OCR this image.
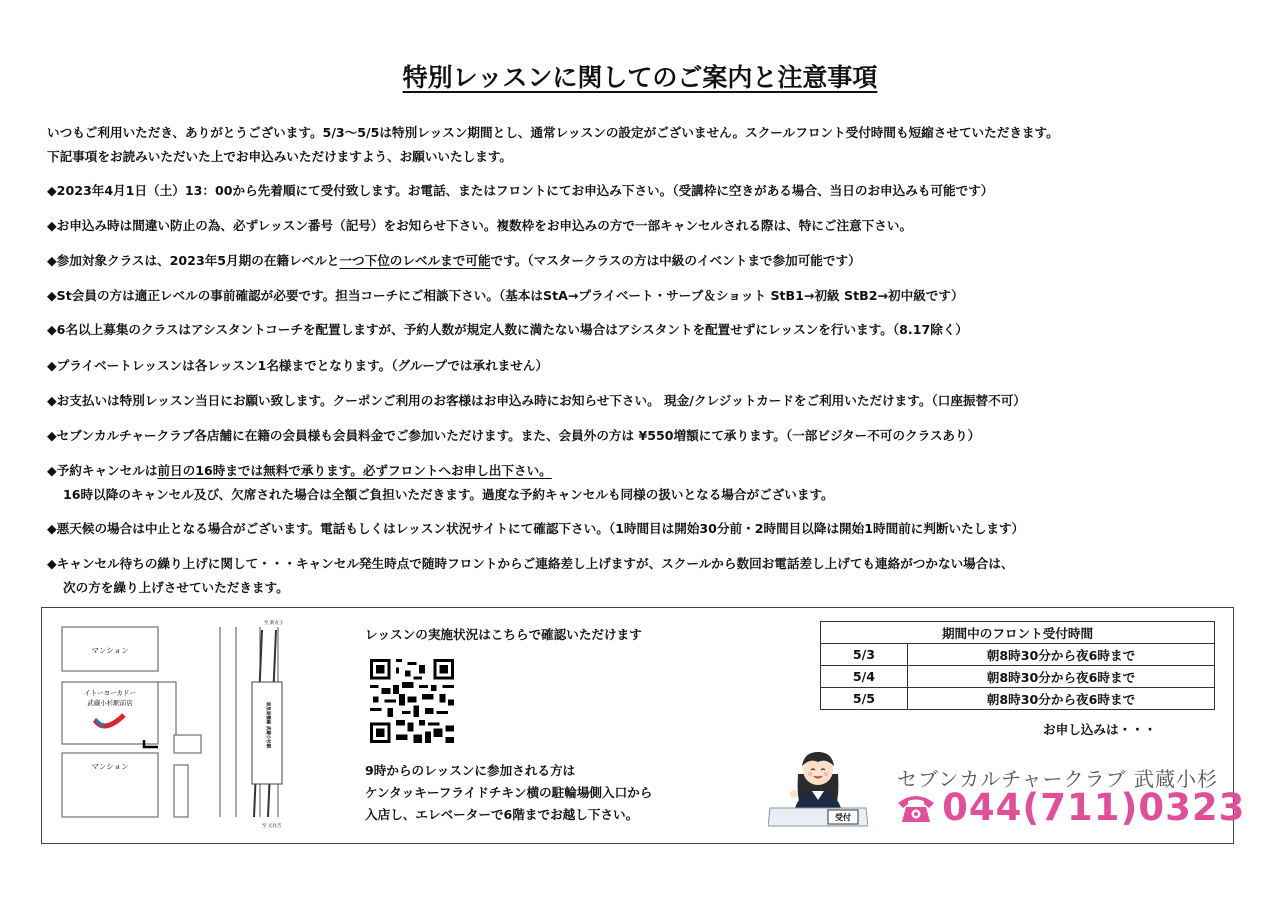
特別レッスンに関してのご案内と注意事項
いつもご利用いただき、ありがとうございます。5/3～5/5は特別レッスン期間とし、通常レッスンの設定がございません。スクールフロント受付時間も短縮させていただきます。
下記事項をお読みいただいた上でお申込みいただけますよう、お願いいたします。
◆2023年4月1日（土）13：00から先着順にて受付致します。お電話、またはフロントにてお申込み下さい。（受講枠に空きがある場合、当日のお申込みも可能です）
◆お申込み時は間違い防止の為、必ずレッスン番号（記号）をお知らせ下さい。複数枠をお申込みの方で一部キャンセルされる際は、特にご注意下さい。
◆参加対象クラスは、2023年5月期の在籍レベルと一つ下位のレベルまで可能です。（マスタークラスの方は中級のイベントまで参加可能です）
◆St会員の方は適正レベルの事前確認が必要です。担当コーチにご相談下さい。（基本はStA→プライベート・サーブ＆ショット StB1→初級 StB2→初中級です）
◆6名以上募集のクラスはアシスタントコーチを配置しますが、予約人数が規定人数に満たない場合はアシスタントを配置せずにレッスンを行います。（8.17除く）
◆プライベートレッスンは各レッスン1名様までとなります。（グループでは承れません）
◆お支払いは特別レッスン当日にお願い致します。クーポンご利用のお客様はお申込み時にお知らせ下さい。 現金/クレジットカードをご利用いただけます。（口座振替不可）
◆セブンカルチャークラブ各店舗に在籍の会員様も会員料金でご参加いただけます。また、会員外の方は ¥550増額にて承ります。（一部ビジター不可のクラスあり）
◆予約キャンセルは前日の16時までは無料で承ります。必ずフロントへお申し出下さい。
16時以降のキャンセル及び、欠席された場合は全額ご負担いただきます。過度な予約キャンセルも同様の扱いとなる場合がございます。
◆悪天候の場合は中止となる場合がございます。電話もしくはレッスン状況サイトにて確認下さい。（1時間目は開始30分前・2時間目以降は開始1時間前に判断いたします）
◆キャンセル待ちの繰り上げに関して・・・キャンセル発生時点で随時フロントからご連絡差し上げますが、スクールから数回お電話差し上げても連絡がつかない場合は、
次の方を繰り上げさせていただきます。
マンション
イトーヨーカドー
武蔵小杉駅前店
マンション
東急東横線 武蔵小杉駅
至 新丸子
至 元住吉
レッスンの実施状況はこちらで確認いただけます
9時からのレッスンに参加される方は
ケンタッキーフライドチキン横の駐輪場側入口から
入店し、エレベーターで6階までお越し下さい。
期間中のフロント受付時間	
5/3	朝8時30分から夜6時まで
5/4	朝8時30分から夜6時まで
5/5	朝8時30分から夜6時まで
お申し込みは・・・
受付
セブンカルチャークラブ 武蔵小杉
044(711)0323
